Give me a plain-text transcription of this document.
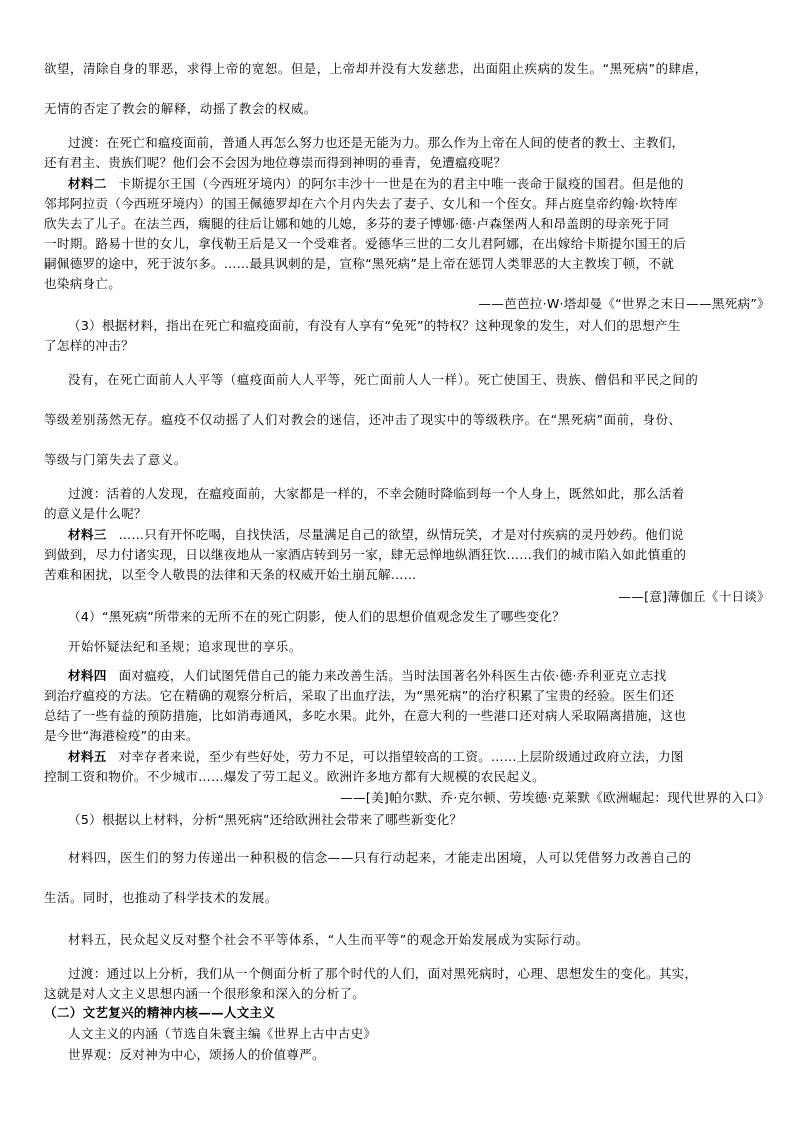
欲望，清除自身的罪恶，求得上帝的宽恕。但是，上帝却并没有大发慈悲，出面阻止疾病的发生。“黑死病”的肆虐，
无情的否定了教会的解释，动摇了教会的权威。
过渡：在死亡和瘟疫面前，普通人再怎么努力也还是无能为力。那么作为上帝在人间的使者的教士、主教们，
还有君主、贵族们呢？他们会不会因为地位尊崇而得到神明的垂青，免遭瘟疫呢？
材料二 卡斯提尔王国（今西班牙境内）的阿尔丰沙十一世是在为的君主中唯一丧命于鼠疫的国君。但是他的
邻邦阿拉贡（今西班牙境内）的国王佩德罗却在六个月内失去了妻子、女儿和一个侄女。拜占庭皇帝约翰·坎特库
欣失去了儿子。在法兰西，瘸腿的往后让娜和她的儿媳，多芬的妻子博娜·德·卢森堡两人和昂盖朗的母亲死于同
一时期。路易十世的女儿，拿伐勒王后是又一个受难者。爱德华三世的二女儿君阿娜，在出嫁给卡斯提尔国王的后
嗣佩德罗的途中，死于波尔多。……最具讽刺的是，宣称“黑死病”是上帝在惩罚人类罪恶的大主教埃丁顿，不就
也染病身亡。
——芭芭拉·W·塔却曼《“世界之末日——黑死病”》
（3）根据材料，指出在死亡和瘟疫面前，有没有人享有“免死”的特权？这种现象的发生，对人们的思想产生
了怎样的冲击？
没有，在死亡面前人人平等（瘟疫面前人人平等，死亡面前人人一样）。死亡使国王、贵族、僧侣和平民之间的
等级差别荡然无存。瘟疫不仅动摇了人们对教会的迷信，还冲击了现实中的等级秩序。在“黑死病”面前，身份、
等级与门第失去了意义。
过渡：活着的人发现，在瘟疫面前，大家都是一样的，不幸会随时降临到每一个人身上，既然如此，那么活着
的意义是什么呢？
材料三 ……只有开怀吃喝，自找快活，尽量满足自己的欲望，纵情玩笑，才是对付疾病的灵丹妙药。他们说
到做到，尽力付诸实现，日以继夜地从一家酒店转到另一家，肆无忌惮地纵酒狂饮……我们的城市陷入如此慎重的
苦难和困扰，以至令人敬畏的法律和天条的权威开始土崩瓦解……
——[意]薄伽丘《十日谈》
（4）“黑死病”所带来的无所不在的死亡阴影，使人们的思想价值观念发生了哪些变化？
开始怀疑法纪和圣规；追求现世的享乐。
材料四 面对瘟疫，人们试图凭借自己的能力来改善生活。当时法国著名外科医生古依·德·乔利亚克立志找
到治疗瘟疫的方法。它在精确的观察分析后，采取了出血疗法，为“黑死病”的治疗积累了宝贵的经验。医生们还
总结了一些有益的预防措施，比如消毒通风，多吃水果。此外，在意大利的一些港口还对病人采取隔离措施，这也
是今世“海港检疫”的由来。
材料五 对幸存者来说，至少有些好处，劳力不足，可以指望较高的工资。……上层阶级通过政府立法，力图
控制工资和物价。不少城市……爆发了劳工起义。欧洲许多地方都有大规模的农民起义。
——[美]帕尔默、乔·克尔顿、劳埃德·克莱默《欧洲崛起：现代世界的入口》
（5）根据以上材料，分析“黑死病”还给欧洲社会带来了哪些新变化？
材料四，医生们的努力传递出一种积极的信念——只有行动起来，才能走出困境，人可以凭借努力改善自己的
生活。同时，也推动了科学技术的发展。
材料五，民众起义反对整个社会不平等体系，“人生而平等”的观念开始发展成为实际行动。
过渡：通过以上分析，我们从一个侧面分析了那个时代的人们，面对黑死病时，心理、思想发生的变化。其实，
这就是对人文主义思想内涵一个很形象和深入的分析了。
（二）文艺复兴的精神内核——人文主义
人文主义的内涵（节选自朱寰主编《世界上古中古史》
世界观：反对神为中心，颂扬人的价值尊严。
